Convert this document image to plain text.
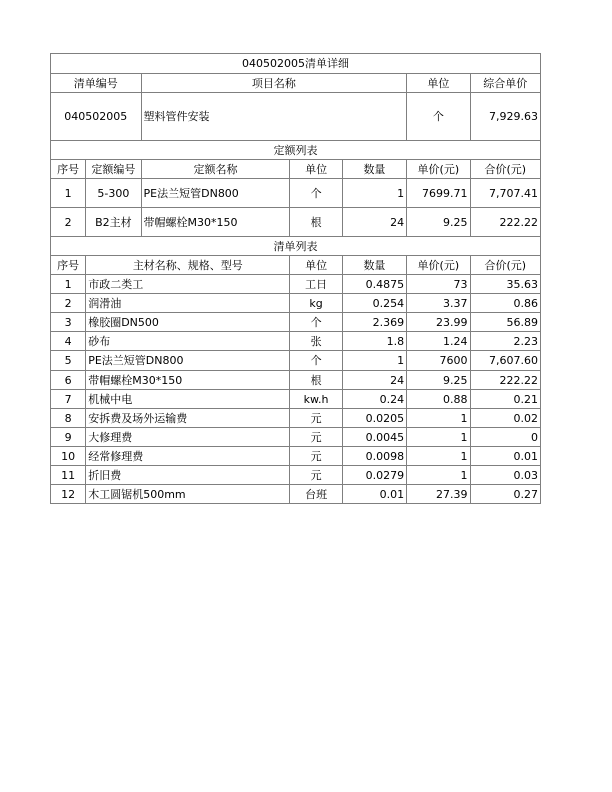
040502005清单详细						
清单编号		项目名称			单位	综合单价
040502005		塑料管件安装			个	7,929.63
定额列表						
序号	定额编号	定额名称	单位	数量	单价(元)	合价(元)
1	5-300	PE法兰短管DN800	个	1	7699.71	7,707.41
2	B2主材	带帽螺栓M30*150	根	24	9.25	222.22
清单列表						
序号	主材名称、规格、型号		单位	数量	单价(元)	合价(元)
1	市政二类工		工日	0.4875	73	35.63
2	润滑油		kg	0.254	3.37	0.86
3	橡胶圈DN500		个	2.369	23.99	56.89
4	砂布		张	1.8	1.24	2.23
5	PE法兰短管DN800		个	1	7600	7,607.60
6	带帽螺栓M30*150		根	24	9.25	222.22
7	机械中电		kw.h	0.24	0.88	0.21
8	安拆费及场外运输费		元	0.0205	1	0.02
9	大修理费		元	0.0045	1	0
10	经常修理费		元	0.0098	1	0.01
11	折旧费		元	0.0279	1	0.03
12	木工圆锯机500mm		台班	0.01	27.39	0.27
